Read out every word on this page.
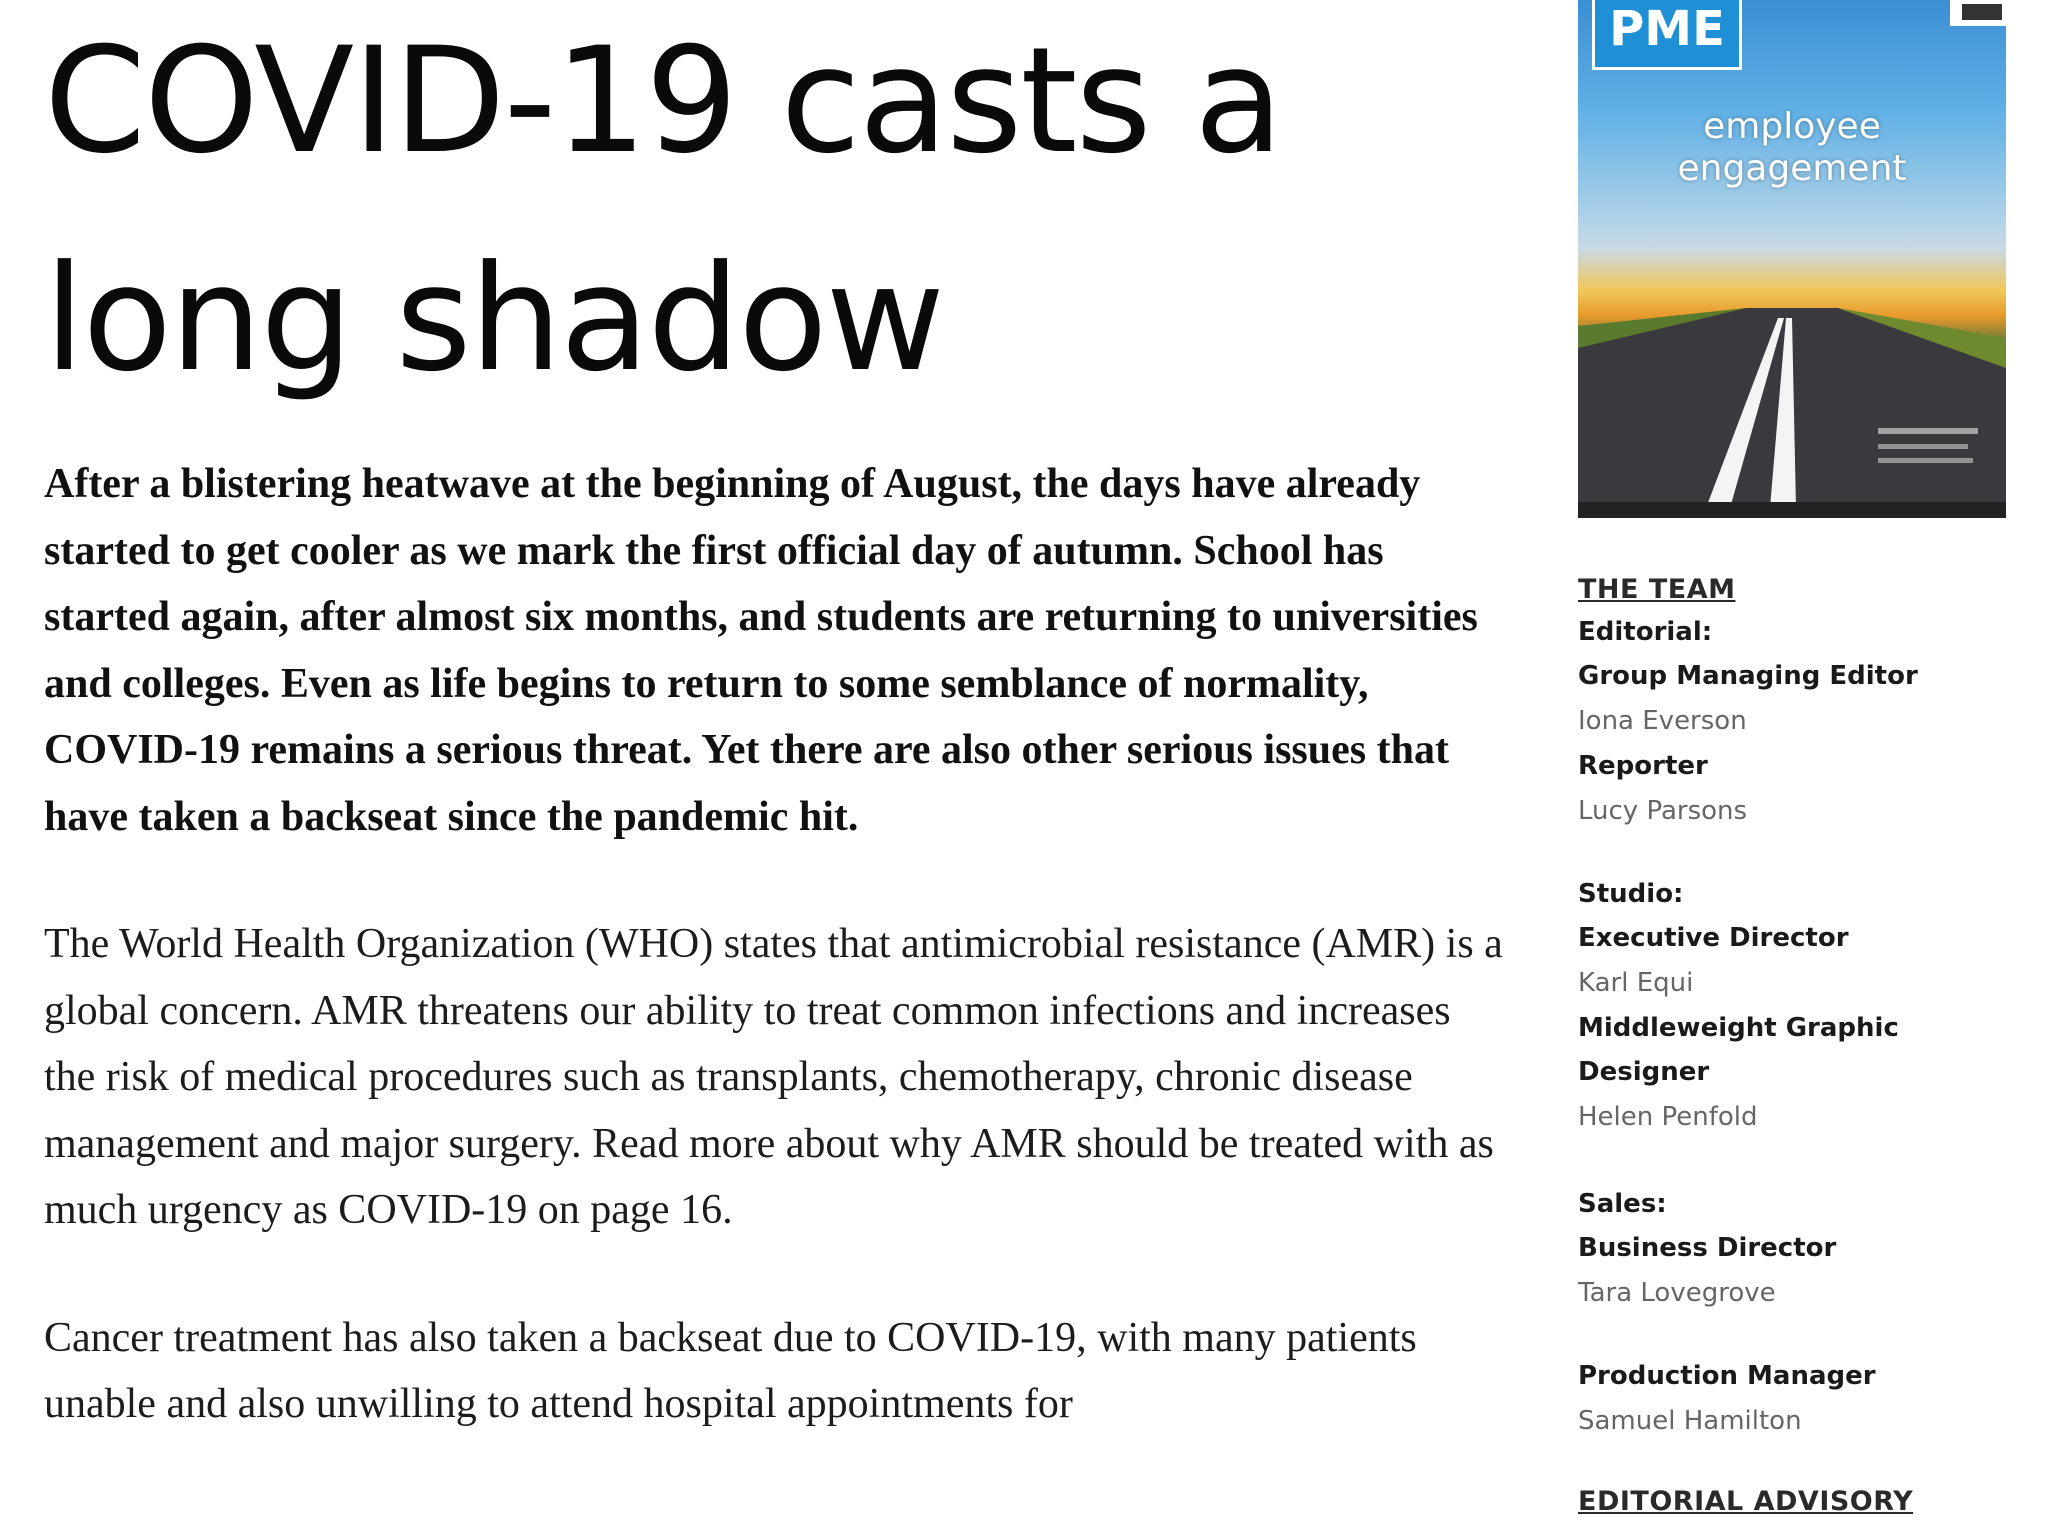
COVID-19 casts a long shadow

After a blistering heatwave at the beginning of August, the days have already started to get cooler as we mark the first official day of autumn. School has started again, after almost six months, and students are returning to universities and colleges. Even as life begins to return to some semblance of normality, COVID-19 remains a serious threat. Yet there are also other serious issues that have taken a backseat since the pandemic hit.

The World Health Organization (WHO) states that antimicrobial resistance (AMR) is a global concern. AMR threatens our ability to treat common infections and increases the risk of medical procedures such as transplants, chemotherapy, chronic disease management and major surgery. Read more about why AMR should be treated with as much urgency as COVID-19 on page 16.

Cancer treatment has also taken a backseat due to COVID-19, with many patients unable and also unwilling to attend hospital appointments for

PME
employee
engagement
THE TEAM
Editorial:
Group Managing Editor
Iona Everson
Reporter
Lucy Parsons
Studio:
Executive Director
Karl Equi
Middleweight Graphic
Designer
Helen Penfold
Sales:
Business Director
Tara Lovegrove
Production Manager
Samuel Hamilton
EDITORIAL ADVISORY
